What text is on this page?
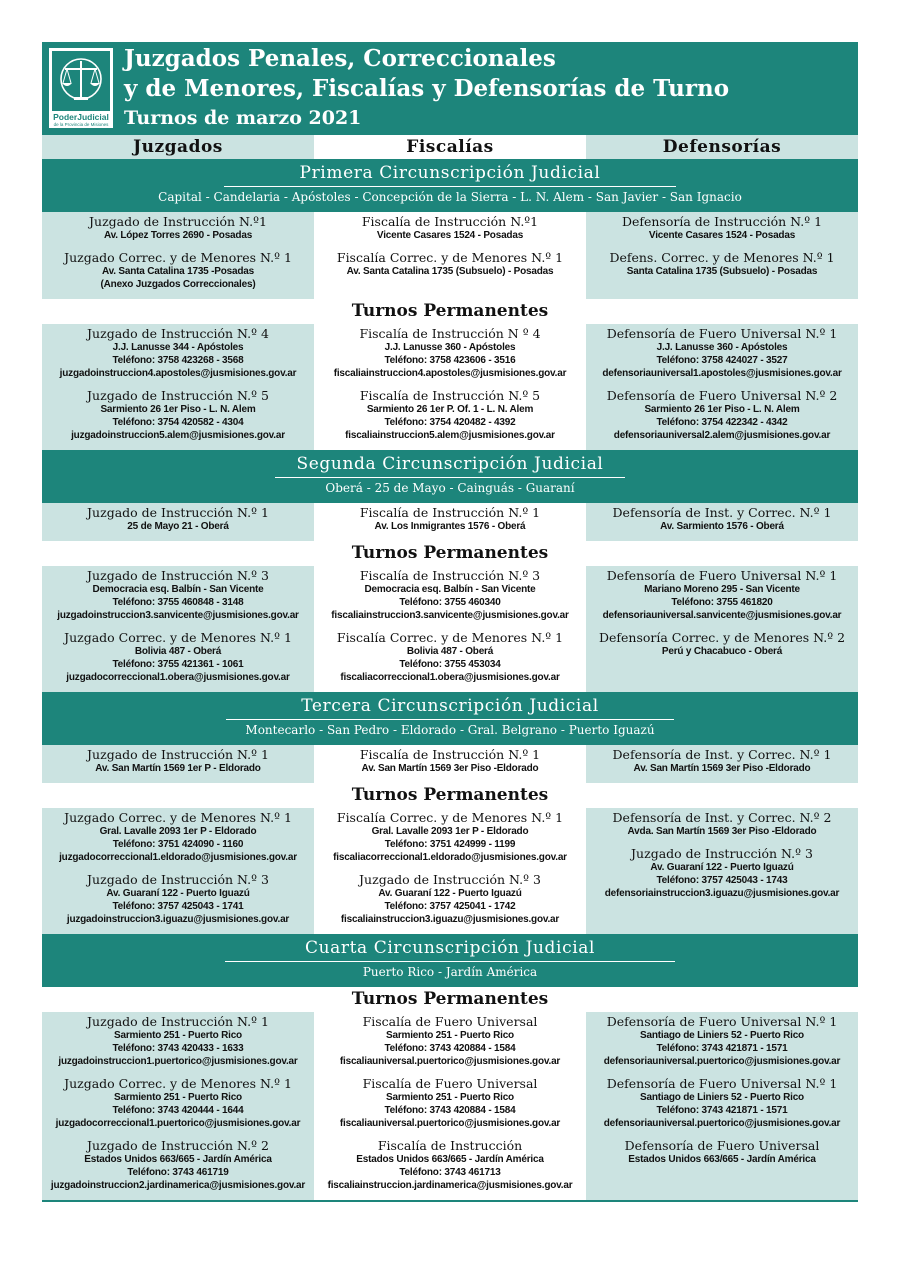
PoderJudicial
de la Provincia de Misiones
Juzgados Penales, Correccionales
y de Menores, Fiscalías y Defensorías de Turno
Turnos de marzo 2021
Juzgados	Fiscalías	Defensorías
Primera Circunscripción Judicial
Capital - Candelaria - Apóstoles - Concepción de la Sierra - L. N. Alem - San Javier - San Ignacio
Juzgado de Instrucción N.º1
Av. López Torres 2690 - Posadas
Juzgado Correc. y de Menores N.º 1
Av. Santa Catalina 1735 -Posadas
(Anexo Juzgados Correccionales)
Fiscalía de Instrucción N.º1
Vicente Casares 1524 - Posadas
Fiscalía Correc. y de Menores N.º 1
Av. Santa Catalina 1735 (Subsuelo) - Posadas
Defensoría de Instrucción N.º 1
Vicente Casares 1524 - Posadas
Defens. Correc. y de Menores N.º 1
Santa Catalina 1735 (Subsuelo) - Posadas
Turnos Permanentes
Juzgado de Instrucción N.º 4
J.J. Lanusse 344 - Apóstoles
Teléfono: 3758 423268 - 3568
juzgadoinstruccion4.apostoles@jusmisiones.gov.ar
Juzgado de Instrucción N.º 5
Sarmiento 26 1er Piso - L. N. Alem
Teléfono: 3754 420582 - 4304
juzgadoinstruccion5.alem@jusmisiones.gov.ar
Fiscalía de Instrucción N º 4
J.J. Lanusse 360 - Apóstoles
Teléfono: 3758 423606 - 3516
fiscaliainstruccion4.apostoles@jusmisiones.gov.ar
Fiscalía de Instrucción N.º 5
Sarmiento 26 1er P. Of. 1 - L. N. Alem
Teléfono: 3754 420482 - 4392
fiscaliainstruccion5.alem@jusmisiones.gov.ar
Defensoría de Fuero Universal N.º 1
J.J. Lanusse 360 - Apóstoles
Teléfono: 3758 424027 - 3527
defensoriauniversal1.apostoles@jusmisiones.gov.ar
Defensoría de Fuero Universal N.º 2
Sarmiento 26 1er Piso - L. N. Alem
Teléfono: 3754 422342 - 4342
defensoriauniversal2.alem@jusmisiones.gov.ar
Segunda Circunscripción Judicial
Oberá - 25 de Mayo - Cainguás - Guaraní
Juzgado de Instrucción N.º 1
25 de Mayo 21 - Oberá
Fiscalía de Instrucción N.º 1
Av. Los Inmigrantes 1576 - Oberá
Defensoría de Inst. y Correc. N.º 1
Av. Sarmiento 1576 - Oberá
Turnos Permanentes
Juzgado de Instrucción N.º 3
Democracia esq. Balbín - San Vicente
Teléfono: 3755 460848 - 3148
juzgadoinstruccion3.sanvicente@jusmisiones.gov.ar
Juzgado Correc. y de Menores N.º 1
Bolivia 487 - Oberá
Teléfono: 3755 421361 - 1061
juzgadocorreccional1.obera@jusmisiones.gov.ar
Fiscalía de Instrucción N.º 3
Democracia esq. Balbín - San Vicente
Teléfono: 3755 460340
fiscaliainstruccion3.sanvicente@jusmisiones.gov.ar
Fiscalía Correc. y de Menores N.º 1
Bolivia 487 - Oberá
Teléfono: 3755 453034
fiscaliacorreccional1.obera@jusmisiones.gov.ar
Defensoría de Fuero Universal N.º 1
Mariano Moreno 295 - San Vicente
Teléfono: 3755 461820
defensoriauniversal.sanvicente@jusmisiones.gov.ar
Defensoría Correc. y de Menores N.º 2
Perú y Chacabuco - Oberá
Tercera Circunscripción Judicial
Montecarlo - San Pedro - Eldorado - Gral. Belgrano - Puerto Iguazú
Juzgado de Instrucción N.º 1
Av. San Martín 1569 1er P - Eldorado
Fiscalía de Instrucción N.º 1
Av. San Martín 1569 3er Piso -Eldorado
Defensoría de Inst. y Correc. N.º 1
Av. San Martín 1569 3er Piso -Eldorado
Turnos Permanentes
Juzgado Correc. y de Menores N.º 1
Gral. Lavalle 2093 1er P - Eldorado
Teléfono: 3751 424090 - 1160
juzgadocorreccional1.eldorado@jusmisiones.gov.ar
Juzgado de Instrucción N.º 3
Av. Guaraní 122 - Puerto Iguazú
Teléfono: 3757 425043 - 1741
juzgadoinstruccion3.iguazu@jusmisiones.gov.ar
Fiscalía Correc. y de Menores N.º 1
Gral. Lavalle 2093 1er P - Eldorado
Teléfono: 3751 424999 - 1199
fiscaliacorreccional1.eldorado@jusmisiones.gov.ar
Juzgado de Instrucción N.º 3
Av. Guaraní 122 - Puerto Iguazú
Teléfono: 3757 425041 - 1742
fiscaliainstruccion3.iguazu@jusmisiones.gov.ar
Defensoría de Inst. y Correc. N.º 2
Avda. San Martín 1569 3er Piso -Eldorado
Juzgado de Instrucción N.º 3
Av. Guaraní 122 - Puerto Iguazú
Teléfono: 3757 425043 - 1743
defensoriainstruccion3.iguazu@jusmisiones.gov.ar
Cuarta Circunscripción Judicial
Puerto Rico - Jardín América
Turnos Permanentes
Juzgado de Instrucción N.º 1
Sarmiento 251 - Puerto Rico
Teléfono: 3743 420433 - 1633
juzgadoinstruccion1.puertorico@jusmisiones.gov.ar
Juzgado Correc. y de Menores N.º 1
Sarmiento 251 - Puerto Rico
Teléfono: 3743 420444 - 1644
juzgadocorreccional1.puertorico@jusmisiones.gov.ar
Juzgado de Instrucción N.º 2
Estados Unidos 663/665 - Jardín América
Teléfono: 3743 461719
juzgadoinstruccion2.jardinamerica@jusmisiones.gov.ar
Fiscalía de Fuero Universal
Sarmiento 251 - Puerto Rico
Teléfono: 3743 420884 - 1584
fiscaliauniversal.puertorico@jusmisiones.gov.ar
Fiscalía de Fuero Universal
Sarmiento 251 - Puerto Rico
Teléfono: 3743 420884 - 1584
fiscaliauniversal.puertorico@jusmisiones.gov.ar
Fiscalía de Instrucción
Estados Unidos 663/665 - Jardín América
Teléfono: 3743 461713
fiscaliainstruccion.jardinamerica@jusmisiones.gov.ar
Defensoría de Fuero Universal N.º 1
Santiago de Liniers 52 - Puerto Rico
Teléfono: 3743 421871 - 1571
defensoriauniversal.puertorico@jusmisiones.gov.ar
Defensoría de Fuero Universal N.º 1
Santiago de Liniers 52 - Puerto Rico
Teléfono: 3743 421871 - 1571
defensoriauniversal.puertorico@jusmisiones.gov.ar
Defensoría de Fuero Universal
Estados Unidos 663/665 - Jardín América
